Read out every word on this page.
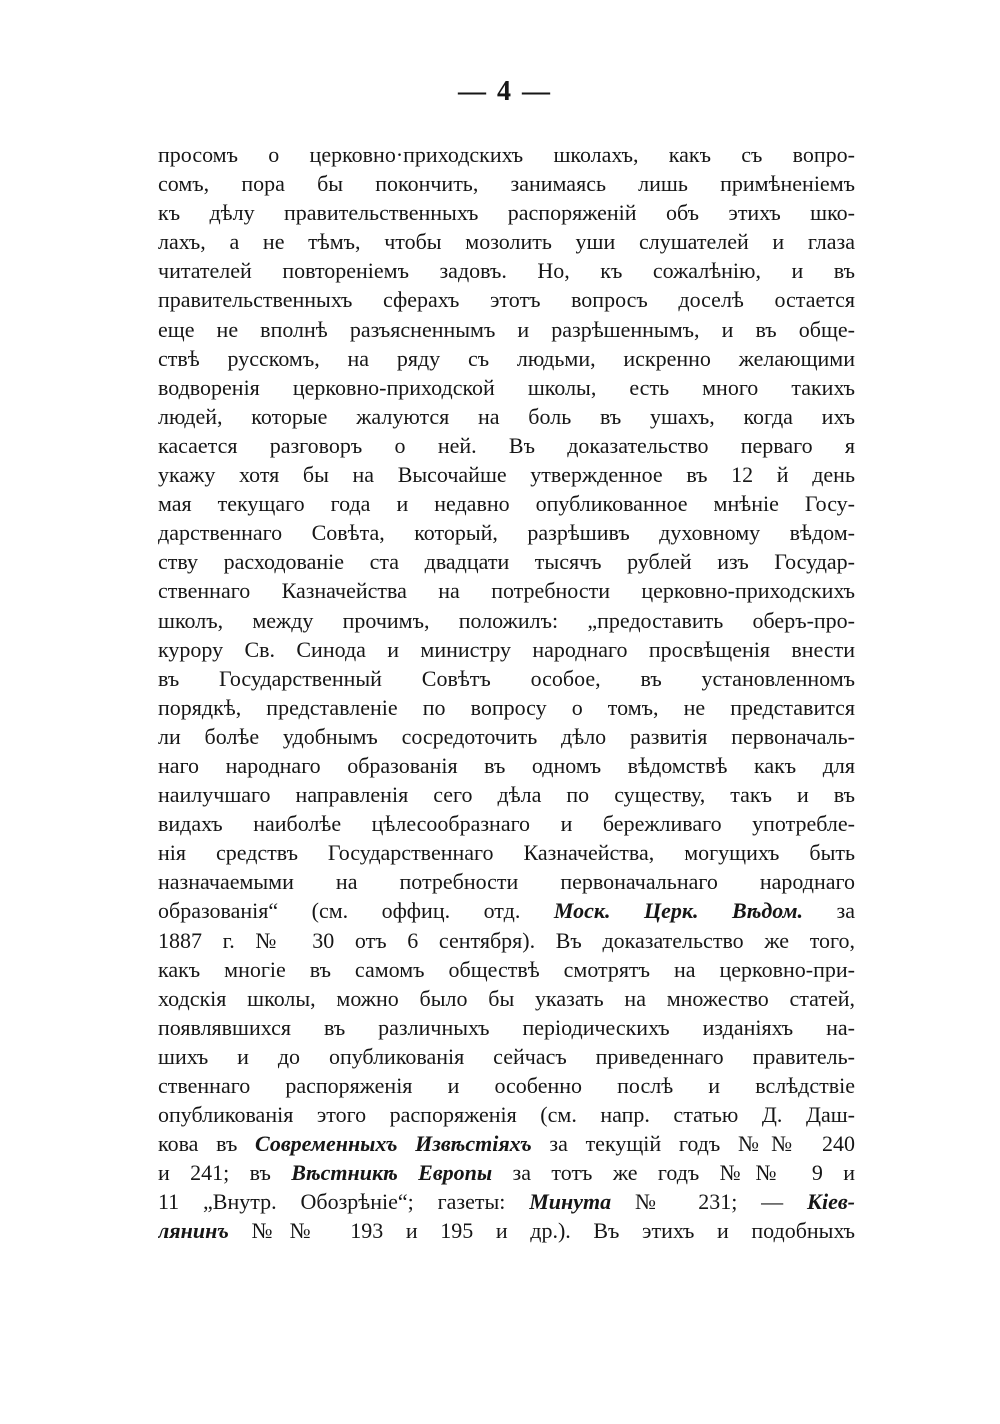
— 4 —
просомъ о церковно·приходскихъ школахъ, какъ съ вопро-
сомъ, пора бы покончить, занимаясь лишь примѣненіемъ
къ дѣлу правительственныхъ распоряженій объ этихъ шко-
лахъ, а не тѣмъ, чтобы мозолить уши слушателей и глаза
читателей повтореніемъ задовъ. Но, къ сожалѣнію, и въ
правительственныхъ сферахъ этотъ вопросъ доселѣ остается
еще не вполнѣ разъясненнымъ и разрѣшеннымъ, и въ обще-
ствѣ русскомъ, на ряду съ людьми, искренно желающими
водворенія церковно-приходской школы, есть много такихъ
людей, которые жалуются на боль въ ушахъ, когда ихъ
касается разговоръ о ней. Въ доказательство перваго я
укажу хотя бы на Высочайше утвержденное въ 12 й день
мая текущаго года и недавно опубликованное мнѣніе Госу-
дарственнаго Совѣта, который, разрѣшивъ духовному вѣдом-
ству расходованіе ста двадцати тысячъ рублей изъ Государ-
ственнаго Казначейства на потребности церковно-приходскихъ
школъ, между прочимъ, положилъ: „предоставить оберъ-про-
курору Св. Синода и министру народнаго просвѣщенія внести
въ Государственный Совѣтъ особое, въ установленномъ
порядкѣ, представленіе по вопросу о томъ, не представится
ли болѣе удобнымъ сосредоточить дѣло развитія первоначаль-
наго народнаго образованія въ одномъ вѣдомствѣ какъ для
наилучшаго направленія сего дѣла по существу, такъ и въ
видахъ наиболѣе цѣлесообразнаго и бережливаго употребле-
нія средствъ Государственнаго Казначейства, могущихъ быть
назначаемыми на потребности первоначальнаго народнаго
образованія“ (см. оффиц. отд. Моск. Церк. Вѣдом. за
1887 г. № 30 отъ 6 сентября). Въ доказательство же того,
какъ многіе въ самомъ обществѣ смотрятъ на церковно-при-
ходскія школы, можно было бы указать на множество статей,
появлявшихся въ различныхъ періодическихъ изданіяхъ на-
шихъ и до опубликованія сейчасъ приведеннаго правитель-
ственнаго распоряженія и особенно послѣ и вслѣдствіе
опубликованія этого распоряженія (см. напр. статью Д. Даш-
кова въ Современныхъ Извѣстіяхъ за текущій годъ №№ 240
и 241; въ Вѣстникѣ Европы за тотъ же годъ №№ 9 и
11 „Внутр. Обозрѣніе“; газеты: Минута № 231; — Кіев-
лянинъ №№ 193 и 195 и др.). Въ этихъ и подобныхъ
